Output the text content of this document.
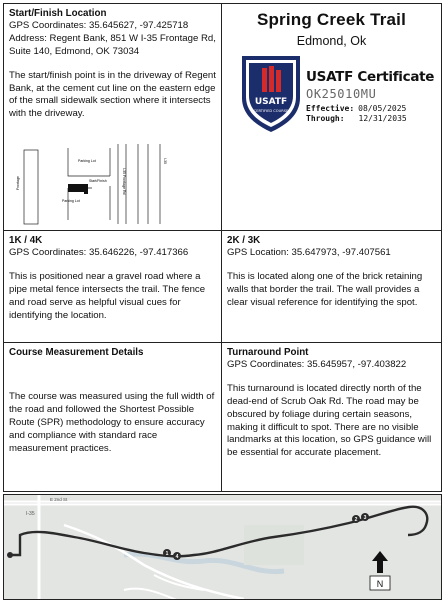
Start/Finish Location
GPS Coordinates: 35.645627, -97.425718
Address: Regent Bank, 851 W I-35 Frontage Rd, Suite 140, Edmond, OK 73034
The start/finish point is in the driveway of Regent Bank, at the cement cut line on the eastern edge of the small sidewalk section where it intersects with the driveway.
Frontage
Parking Lot
Start/Finish
Parking Lot
I-35 Frontage Rd
I-35
Spring Creek Trail
Edmond, Ok
USATF
CERTIFIED COURSE
USATF Certificate
OK25010MU
Effective: 08/05/2025
Through: 12/31/2035
1K / 4K
GPS Coordinates: 35.646226, -97.417366
This is positioned near a gravel road where a pipe metal fence intersects the trail. The fence and road serve as helpful visual cues for identifying the location.
2K / 3K
GPS Location: 35.647973, -97.407561
This is located along one of the brick retaining walls that border the trail. The wall provides a clear visual reference for identifying the spot.
Course Measurement Details
The course was measured using the full width of the road and followed the Shortest Possible Route (SPR) methodology to ensure accuracy and compliance with standard race measurement practices.
Turnaround Point
GPS Coordinates: 35.645957, -97.403822
This turnaround is located directly north of the dead-end of Scrub Oak Rd. The road may be obscured by foliage during certain seasons, making it difficult to spot. There are no visible landmarks at this location, so GPS guidance will be essential for accurate placement.
I-35
E 2nd St
1 4
2 3
N
